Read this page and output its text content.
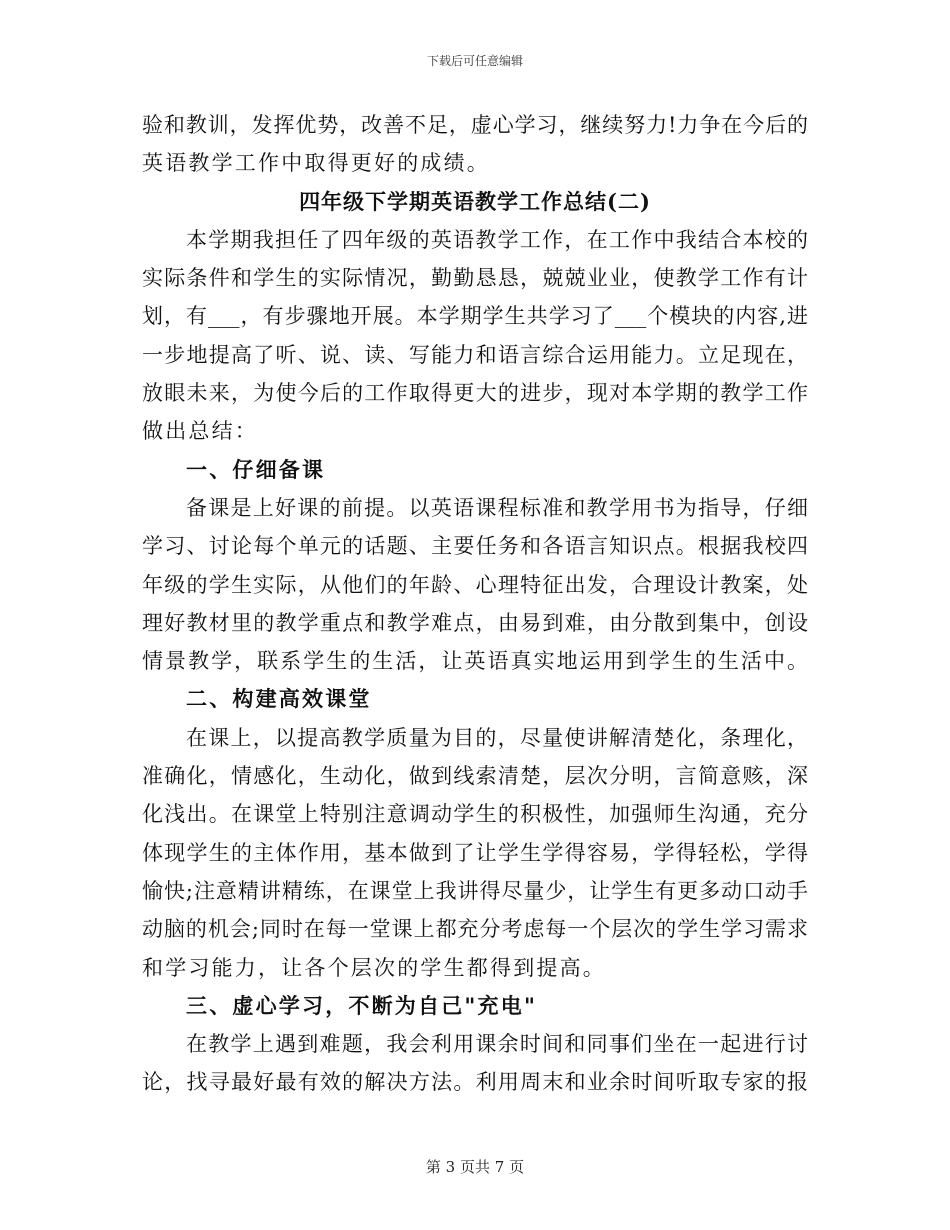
下载后可任意编辑
验和教训，发挥优势，改善不足，虚心学习，继续努力!力争在今后的
英语教学工作中取得更好的成绩。
四年级下学期英语教学工作总结(二)
本学期我担任了四年级的英语教学工作，在工作中我结合本校的
实际条件和学生的实际情况，勤勤恳恳，兢兢业业，使教学工作有计
划，有___，有步骤地开展。本学期学生共学习了___个模块的内容,进
一步地提高了听、说、读、写能力和语言综合运用能力。立足现在，
放眼未来，为使今后的工作取得更大的进步，现对本学期的教学工作
做出总结：
一、仔细备课
备课是上好课的前提。以英语课程标准和教学用书为指导，仔细
学习、讨论每个单元的话题、主要任务和各语言知识点。根据我校四
年级的学生实际，从他们的年龄、心理特征出发，合理设计教案，处
理好教材里的教学重点和教学难点，由易到难，由分散到集中，创设
情景教学，联系学生的生活，让英语真实地运用到学生的生活中。
二、构建高效课堂
在课上，以提高教学质量为目的，尽量使讲解清楚化，条理化，
准确化，情感化，生动化，做到线索清楚，层次分明，言简意赅，深
化浅出。在课堂上特别注意调动学生的积极性，加强师生沟通，充分
体现学生的主体作用，基本做到了让学生学得容易，学得轻松，学得
愉快;注意精讲精练，在课堂上我讲得尽量少，让学生有更多动口动手
动脑的机会;同时在每一堂课上都充分考虑每一个层次的学生学习需求
和学习能力，让各个层次的学生都得到提高。
三、虚心学习，不断为自己"充电"
在教学上遇到难题，我会利用课余时间和同事们坐在一起进行讨
论，找寻最好最有效的解决方法。利用周末和业余时间听取专家的报
第 3 页共 7 页
